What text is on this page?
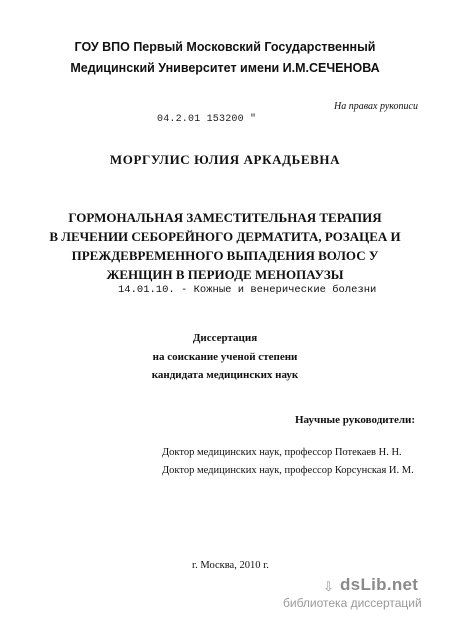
ГОУ ВПО Первый Московский Государственный
Медицинский Университет имени И.М.СЕЧЕНОВА
На правах рукописи
04.2.01 153200 "
МОРГУЛИС ЮЛИЯ АРКАДЬЕВНА
ГОРМОНАЛЬНАЯ ЗАМЕСТИТЕЛЬНАЯ ТЕРАПИЯ
В ЛЕЧЕНИИ СЕБОРЕЙНОГО ДЕРМАТИТА, РОЗАЦЕА И
ПРЕЖДЕВРЕМЕННОГО ВЫПАДЕНИЯ ВОЛОС У
ЖЕНЩИН В ПЕРИОДЕ МЕНОПАУЗЫ
14.01.10. - Кожные и венерические болезни
Диссертация
на соискание ученой степени
кандидата медицинских наук
Научные руководители:
Доктор медицинских наук, профессор Потекаев Н. Н.
Доктор медицинских наук, профессор Корсунская И. М.
г. Москва, 2010 г.
⇩ dsLib.net
библиотека диссертаций
